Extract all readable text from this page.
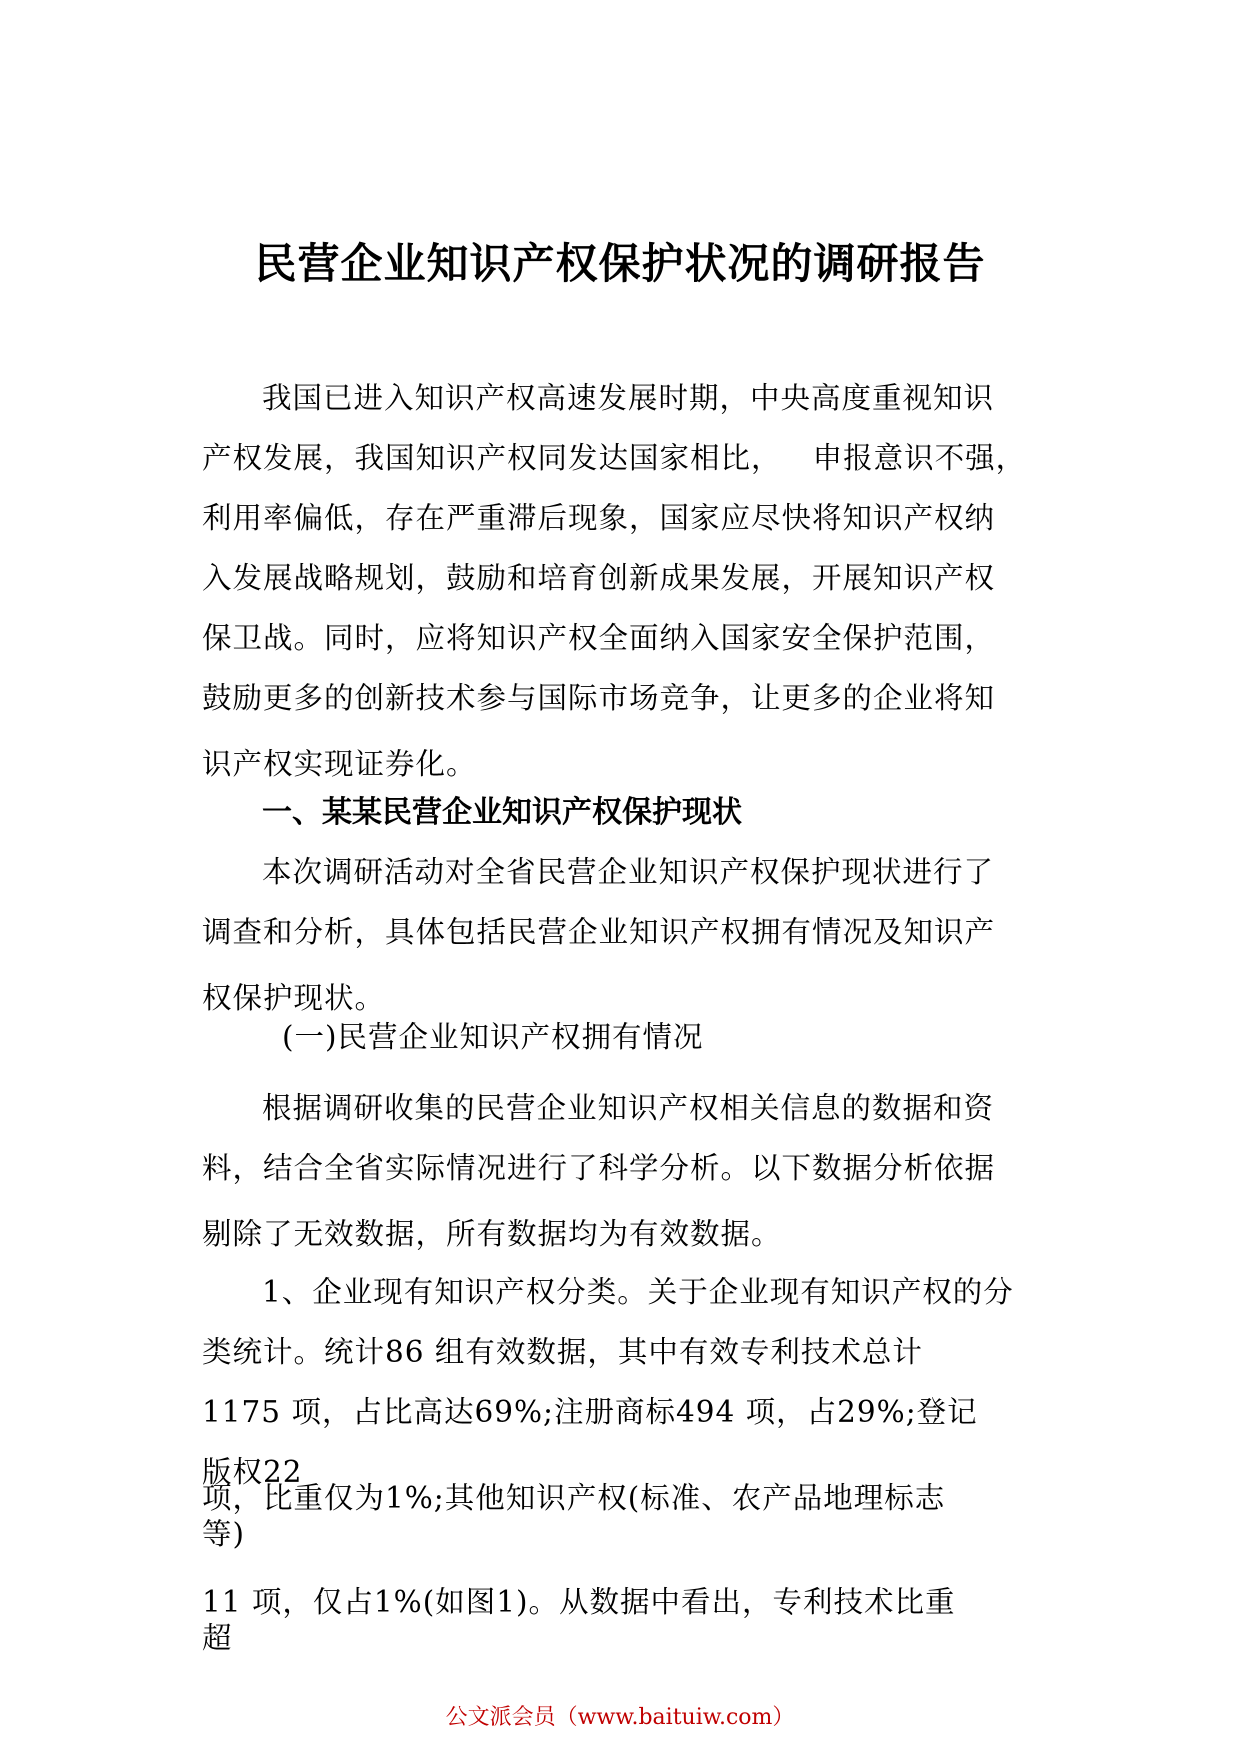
民营企业知识产权保护状况的调研报告
我国已进入知识产权高速发展时期，中央高度重视知识
产权发展，我国知识产权同发达国家相比，   申报意识不强，
利用率偏低，存在严重滞后现象，国家应尽快将知识产权纳
入发展战略规划，鼓励和培育创新成果发展，开展知识产权
保卫战。同时，应将知识产权全面纳入国家安全保护范围，
鼓励更多的创新技术参与国际市场竞争，让更多的企业将知
识产权实现证券化。
一、某某民营企业知识产权保护现状
本次调研活动对全省民营企业知识产权保护现状进行了
调查和分析，具体包括民营企业知识产权拥有情况及知识产
权保护现状。
(一)民营企业知识产权拥有情况
根据调研收集的民营企业知识产权相关信息的数据和资
料，结合全省实际情况进行了科学分析。以下数据分析依据
剔除了无效数据，所有数据均为有效数据。
1、企业现有知识产权分类。关于企业现有知识产权的分
类统计。统计86 组有效数据，其中有效专利技术总计
1175 项，占比高达69%;注册商标494 项，占29%;登记
版权22
项，比重仅为1%;其他知识产权(标准、农产品地理标志
等)
11 项，仅占1%(如图1)。从数据中看出，专利技术比重
超
公文派会员（www.baituiw.com）
